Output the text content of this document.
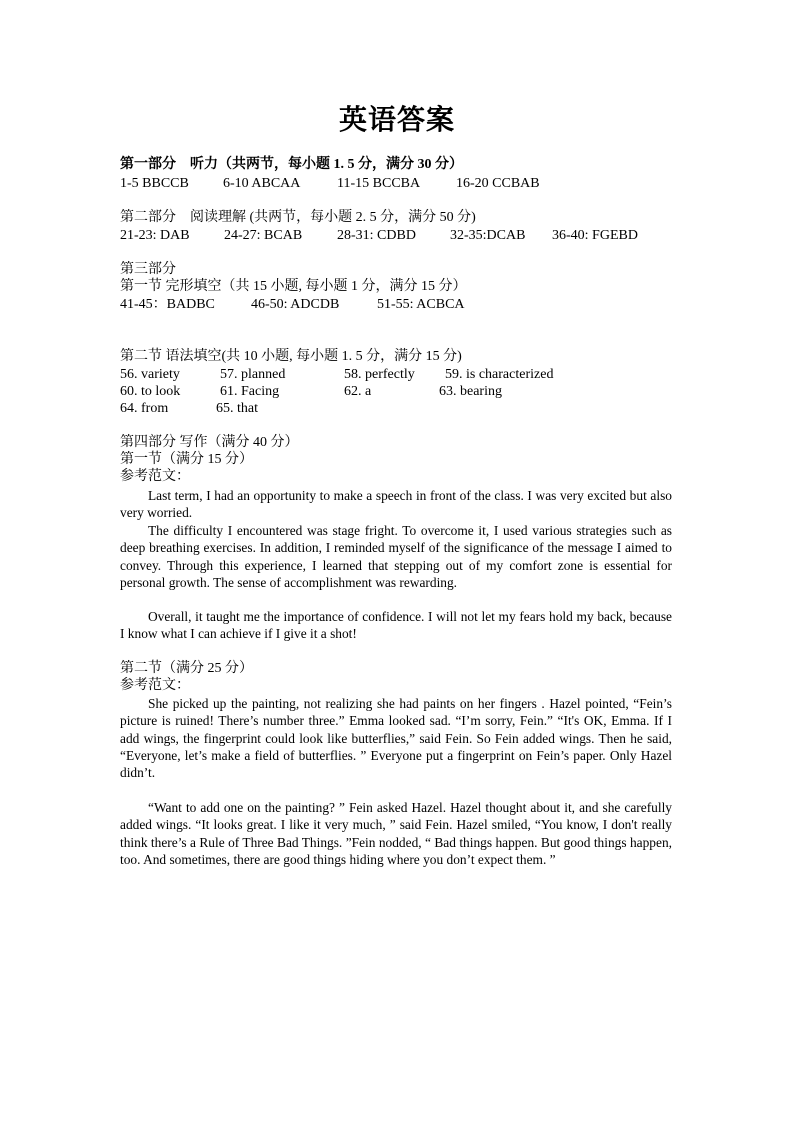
英语答案
第一部分　听力（共两节，每小题 1. 5 分，满分 30 分）
1-5 BBCCB 6-10 ABCAA	11-15 BCCBA	16-20 CCBAB
第二部分　阅读理解 (共两节，每小题 2. 5 分，满分 50 分)
21-23: DAB 24-27: BCAB 28-31: CDBD 32-35:DCAB 36-40: FGEBD
第三部分
第一节 完形填空（共 15 小题, 每小题 1 分，满分 15 分）
41-45：BADBC	46-50: ADCDB	51-55: ACBCA
第二节 语法填空(共 10 小题, 每小题 1. 5 分，满分 15 分)
56. variety	57. planned	58. perfectly 59. is characterized
60. to look	61. Facing	62. a	63. bearing
64. from	65. that
第四部分 写作（满分 40 分）
第一节（满分 15 分）
参考范文：
Last term, I had an opportunity to make a speech in front of the class. I was very excited but also very worried.
The difficulty I encountered was stage fright. To overcome it, I used various strategies such as deep breathing exercises. In addition, I reminded myself of the significance of the message I aimed to convey. Through this experience, I learned that stepping out of my comfort zone is essential for personal growth. The sense of accomplishment was rewarding.
Overall, it taught me the importance of confidence. I will not let my fears hold my back, because I know what I can achieve if I give it a shot!
第二节（满分 25 分）
参考范文：
She picked up the painting, not realizing she had paints on her fingers . Hazel pointed, “Fein’s picture is ruined! There’s number three.” Emma looked sad. “I’m sorry, Fein.” “It's OK, Emma. If I add wings, the fingerprint could look like butterflies,” said Fein. So Fein added wings. Then he said, “Everyone, let’s make a field of butterflies. ” Everyone put a fingerprint on Fein’s paper. Only Hazel didn’t.
“Want to add one on the painting? ” Fein asked Hazel. Hazel thought about it, and she carefully added wings. “It looks great. I like it very much, ” said Fein. Hazel smiled, “You know, I don't really think there’s a Rule of Three Bad Things. ”Fein nodded, “ Bad things happen. But good things happen, too. And sometimes, there are good things hiding where you don’t expect them. ”
